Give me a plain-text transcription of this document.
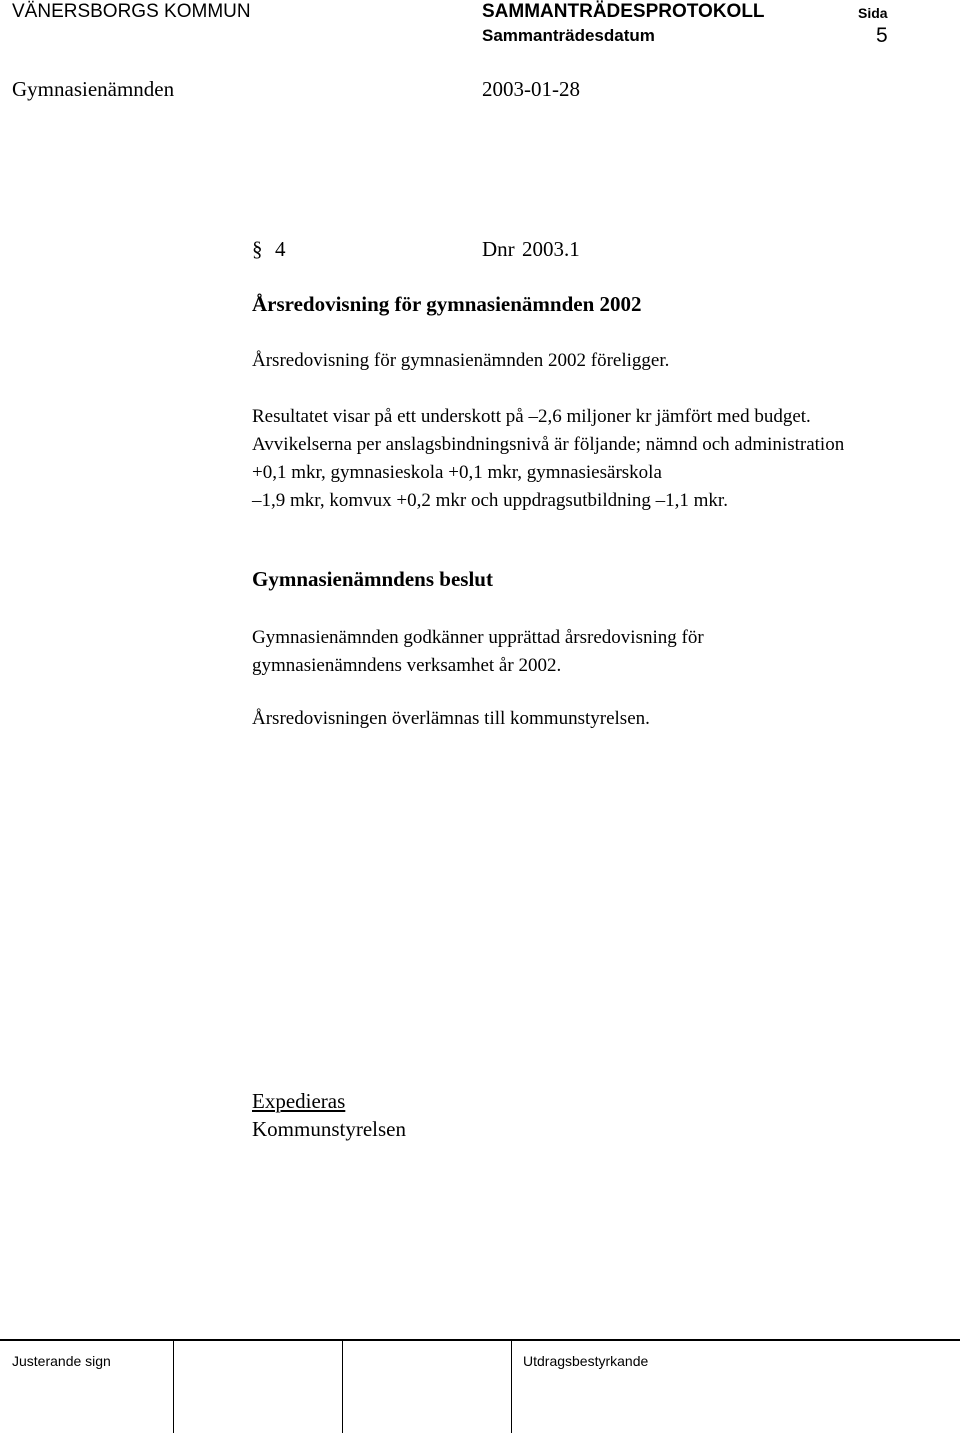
VÄNERSBORGS KOMMUN	SAMMANTRÄDESPROTOKOLL	Sida
Sammanträdesdatum	5
Gymnasienämnden	2003-01-28
§ 4	Dnr 2003.1
Årsredovisning för gymnasienämnden 2002
Årsredovisning för gymnasienämnden 2002 föreligger.
Resultatet visar på ett underskott på –2,6 miljoner kr jämfört med budget.
Avvikelserna per anslagsbindningsnivå är följande; nämnd och administration
+0,1 mkr, gymnasieskola +0,1 mkr, gymnasiesärskola
–1,9 mkr, komvux +0,2 mkr och uppdragsutbildning –1,1 mkr.
Gymnasienämndens beslut
Gymnasienämnden godkänner upprättad årsredovisning för
gymnasienämndens verksamhet år 2002.
Årsredovisningen överlämnas till kommunstyrelsen.
Expedieras
Kommunstyrelsen
Justerande sign	Utdragsbestyrkande
